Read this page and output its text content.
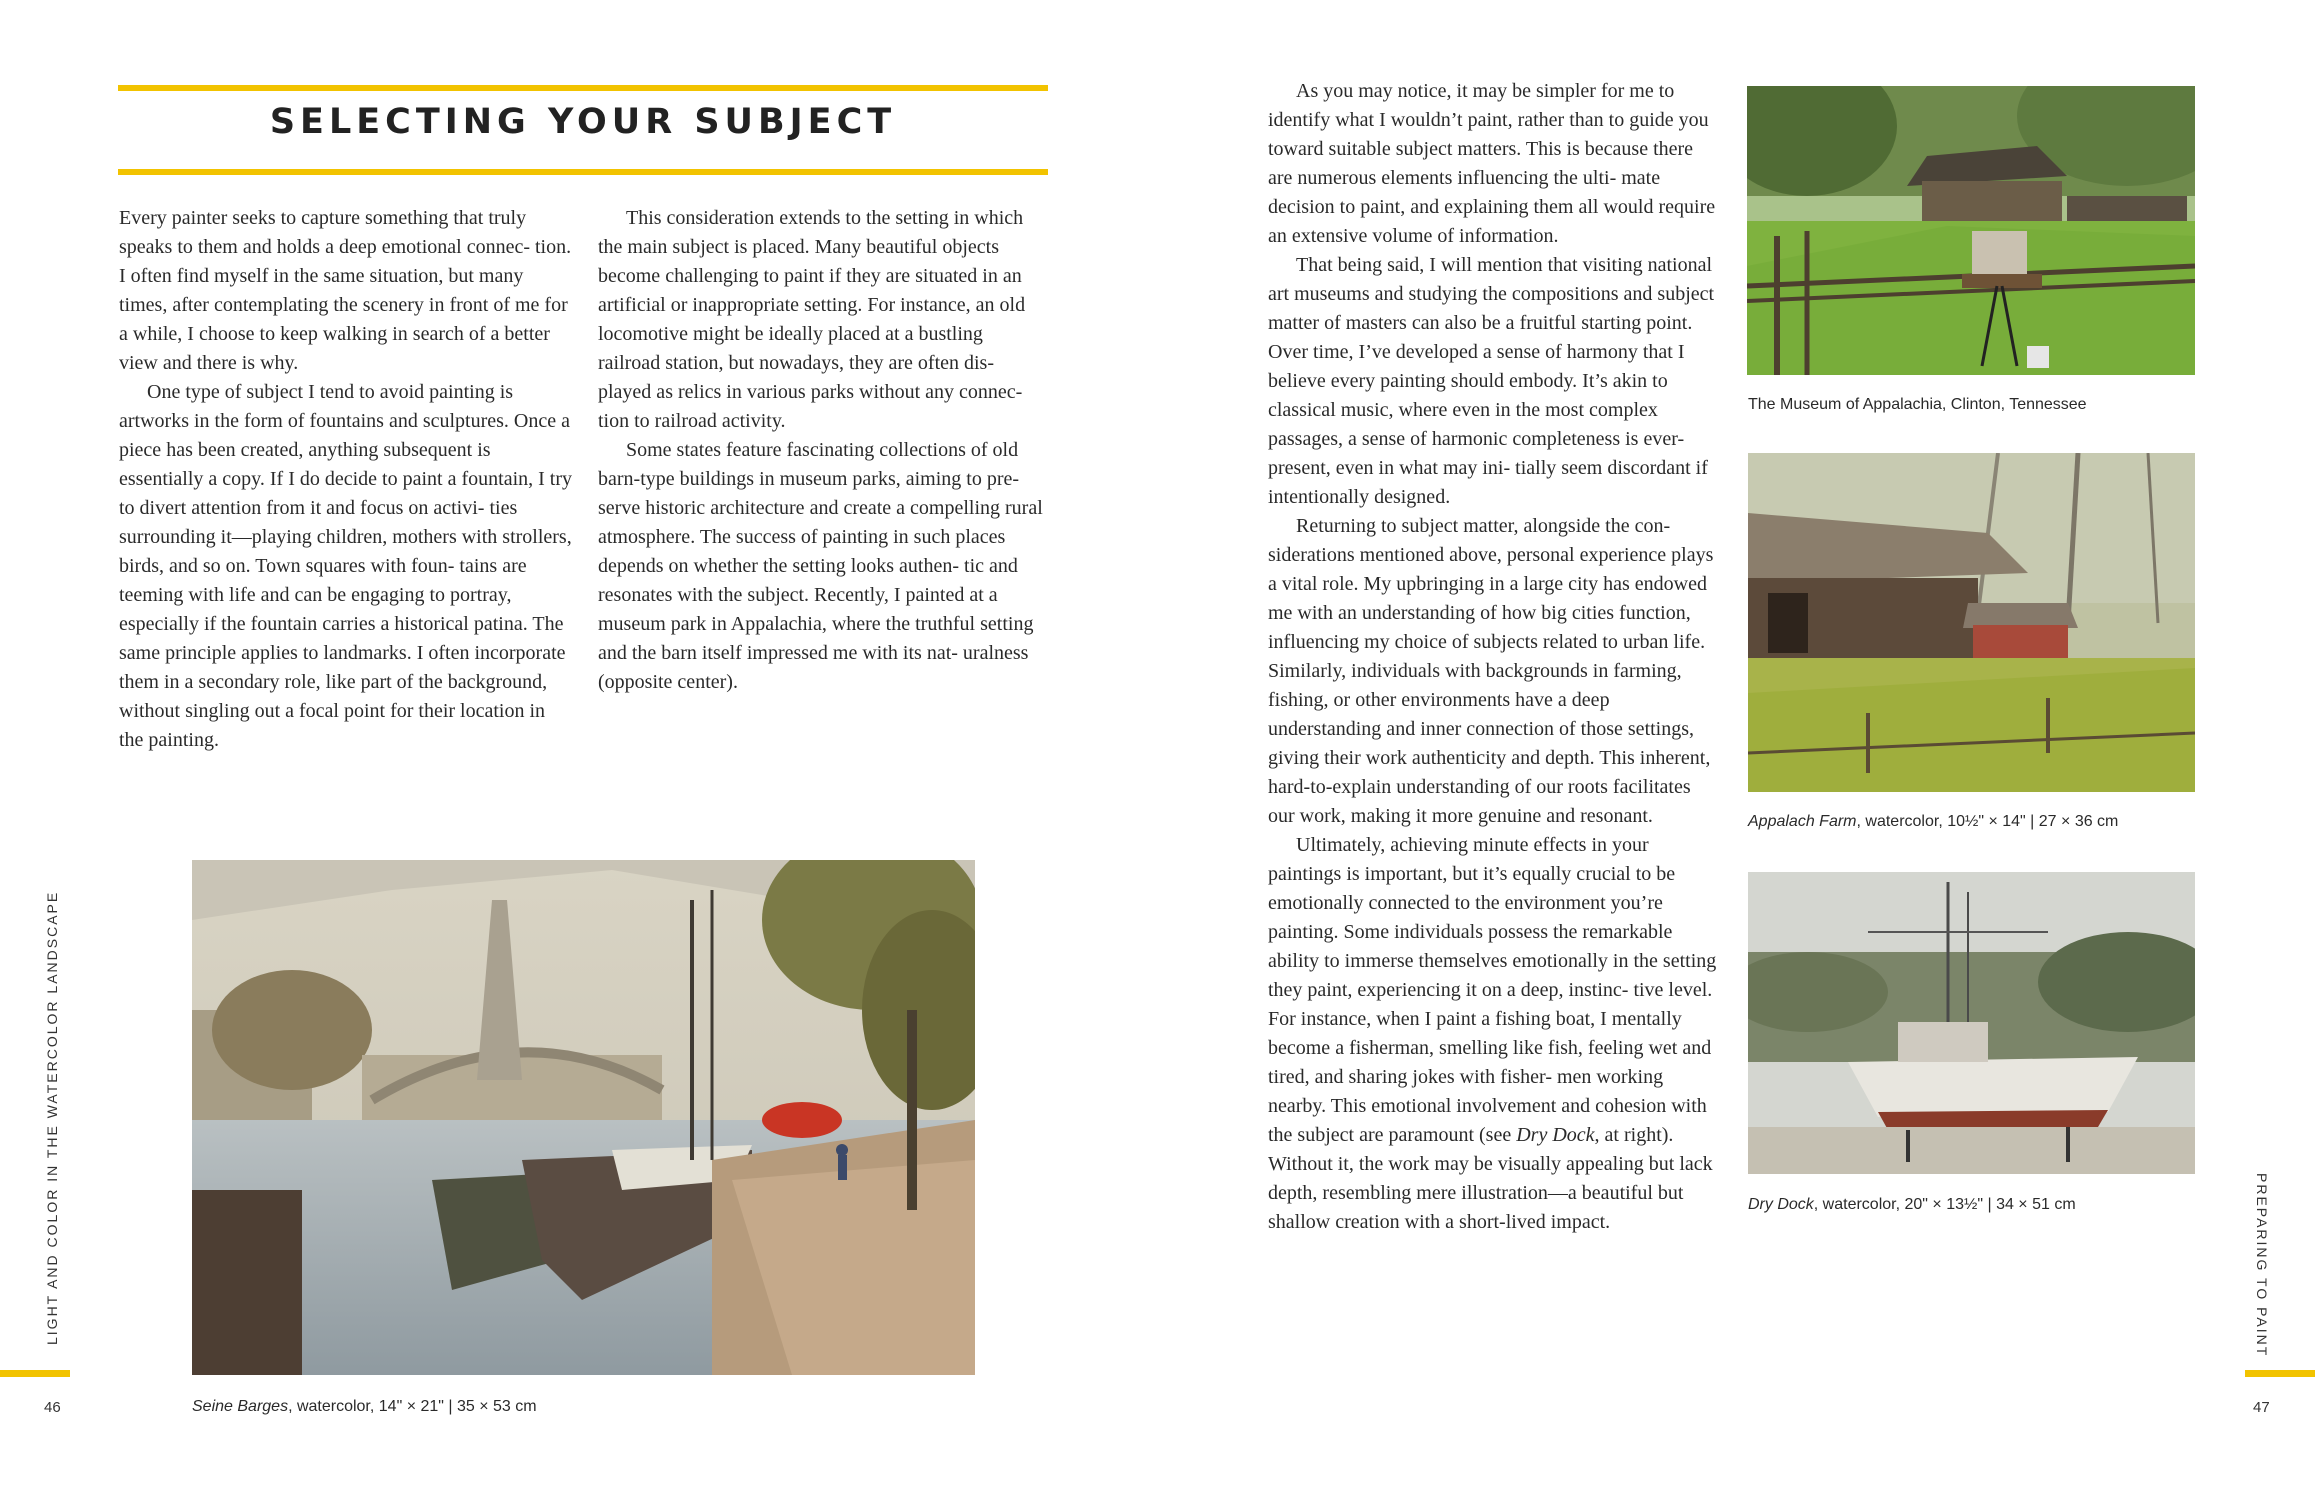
SELECTING YOUR SUBJECT

Every painter seeks to capture something that truly speaks to them and holds a deep emotional connec- tion. I often find myself in the same situation, but many times, after contemplating the scenery in front of me for a while, I choose to keep walking in search of a better view and there is why.

One type of subject I tend to avoid painting is artworks in the form of fountains and sculptures. Once a piece has been created, anything subsequent is essentially a copy. If I do decide to paint a fountain, I try to divert attention from it and focus on activi- ties surrounding it—playing children, mothers with strollers, birds, and so on. Town squares with foun- tains are teeming with life and can be engaging to portray, especially if the fountain carries a historical patina. The same principle applies to landmarks. I often incorporate them in a secondary role, like part of the background, without singling out a focal point for their location in the painting.

This consideration extends to the setting in which the main subject is placed. Many beautiful objects become challenging to paint if they are situated in an artificial or inappropriate setting. For instance, an old locomotive might be ideally placed at a bustling railroad station, but nowadays, they are often dis- played as relics in various parks without any connec- tion to railroad activity.

Some states feature fascinating collections of old barn-type buildings in museum parks, aiming to pre- serve historic architecture and create a compelling rural atmosphere. The success of painting in such places depends on whether the setting looks authen- tic and resonates with the subject. Recently, I painted at a museum park in Appalachia, where the truthful setting and the barn itself impressed me with its nat- uralness (opposite center).

Seine Barges, watercolor, 14" × 21" | 35 × 53 cm
LIGHT AND COLOR IN THE WATERCOLOR LANDSCAPE
46

As you may notice, it may be simpler for me to identify what I wouldn’t paint, rather than to guide you toward suitable subject matters. This is because there are numerous elements influencing the ulti- mate decision to paint, and explaining them all would require an extensive volume of information.

That being said, I will mention that visiting national art museums and studying the compositions and subject matter of masters can also be a fruitful starting point. Over time, I’ve developed a sense of harmony that I believe every painting should embody. It’s akin to classical music, where even in the most complex passages, a sense of harmonic completeness is ever-present, even in what may ini- tially seem discordant if intentionally designed.

Returning to subject matter, alongside the con- siderations mentioned above, personal experience plays a vital role. My upbringing in a large city has endowed me with an understanding of how big cities function, influencing my choice of subjects related to urban life. Similarly, individuals with backgrounds in farming, fishing, or other environments have a deep understanding and inner connection of those settings, giving their work authenticity and depth. This inherent, hard-to-explain understanding of our roots facilitates our work, making it more genuine and resonant.

Ultimately, achieving minute effects in your paintings is important, but it’s equally crucial to be emotionally connected to the environment you’re painting. Some individuals possess the remarkable ability to immerse themselves emotionally in the setting they paint, experiencing it on a deep, instinc- tive level. For instance, when I paint a fishing boat, I mentally become a fisherman, smelling like fish, feeling wet and tired, and sharing jokes with fisher- men working nearby. This emotional involvement and cohesion with the subject are paramount (see Dry Dock, at right). Without it, the work may be visually appealing but lack depth, resembling mere illustration—a beautiful but shallow creation with a short-lived impact.

The Museum of Appalachia, Clinton, Tennessee
Appalach Farm, watercolor, 10½" × 14" | 27 × 36 cm
Dry Dock, watercolor, 20" × 13½" | 34 × 51 cm	PREPARING TO PAINT
47
